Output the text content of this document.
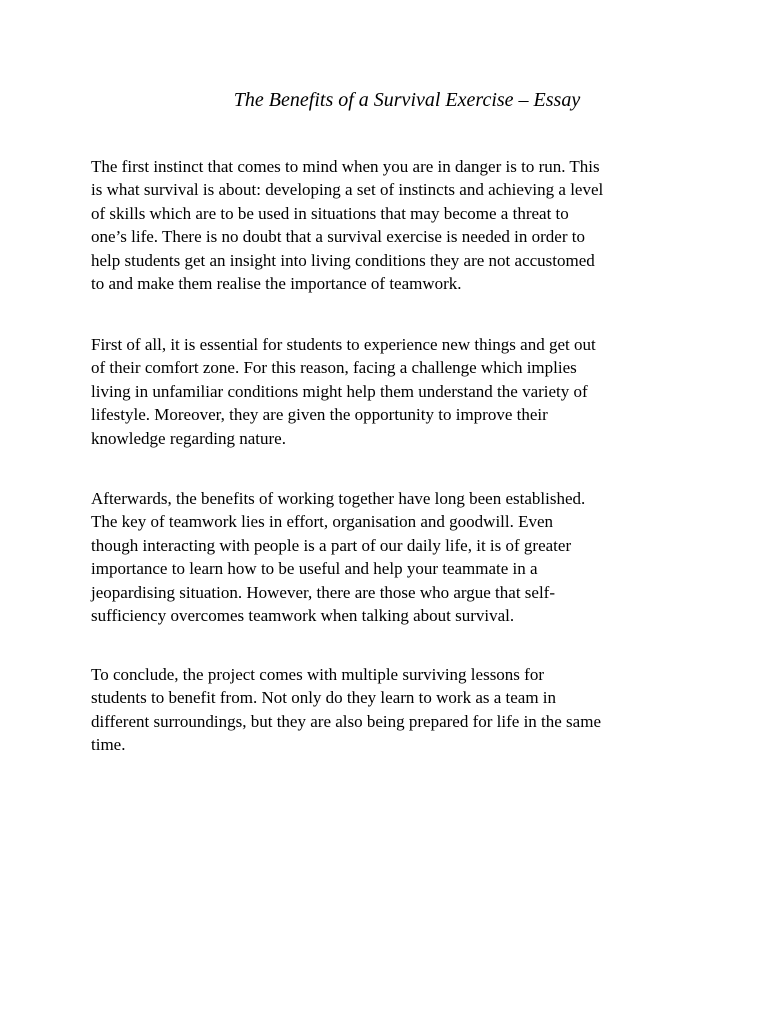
The Benefits of a Survival Exercise – Essay

The first instinct that comes to mind when you are in danger is to run. This
is what survival is about: developing a set of instincts and achieving a level
of skills which are to be used in situations that may become a threat to
one’s life. There is no doubt that a survival exercise is needed in order to
help students get an insight into living conditions they are not accustomed
to and make them realise the importance of teamwork.

First of all, it is essential for students to experience new things and get out
of their comfort zone. For this reason, facing a challenge which implies
living in unfamiliar conditions might help them understand the variety of
lifestyle. Moreover, they are given the opportunity to improve their
knowledge regarding nature.

Afterwards, the benefits of working together have long been established.
The key of teamwork lies in effort, organisation and goodwill. Even
though interacting with people is a part of our daily life, it is of greater
importance to learn how to be useful and help your teammate in a
jeopardising situation. However, there are those who argue that self-
sufficiency overcomes teamwork when talking about survival.

To conclude, the project comes with multiple surviving lessons for
students to benefit from. Not only do they learn to work as a team in
different surroundings, but they are also being prepared for life in the same
time.
